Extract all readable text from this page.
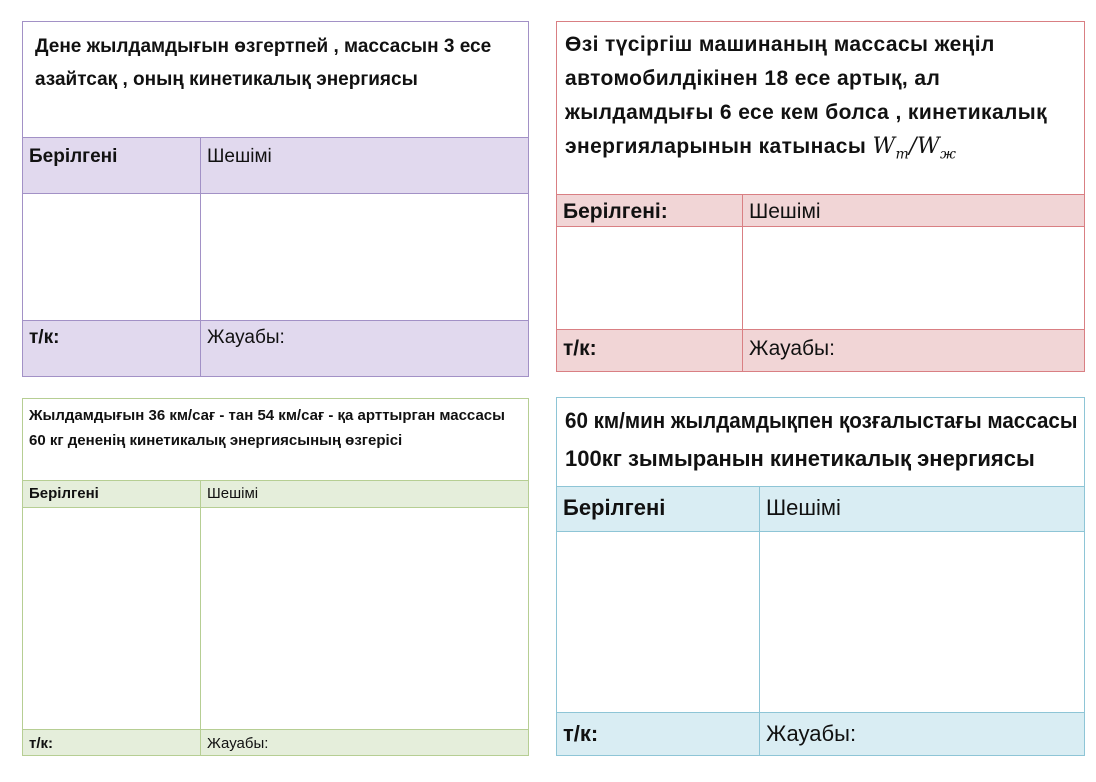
Дене жылдамдығын өзгертпей , массасын 3 есе азайтсақ , оның кинетикалық энергиясы
Берілгені	Шешімі
т/к:	Жауабы:
Өзі түсіргіш машинаның массасы жеңіл автомобилдікінен 18 есе артық, ал жылдамдығы 6 есе кем болса , кинетикалық энергияларынын катынасы $W_т/W_ж$
Берілгені:	Шешімі
т/к:	Жауабы:
Жылдамдығын 36 км/сағ - тан 54 км/сағ - қа арттырган массасы 60 кг дененің кинетикалық энергиясының өзгерісі
Берілгені	Шешімі
т/к:	Жауабы:
60 км/мин жылдамдықпен қозғалыстағы массасы
100кг зымыранын кинетикалық энергиясы
Берілгені	Шешімі
т/к:	Жауабы:
